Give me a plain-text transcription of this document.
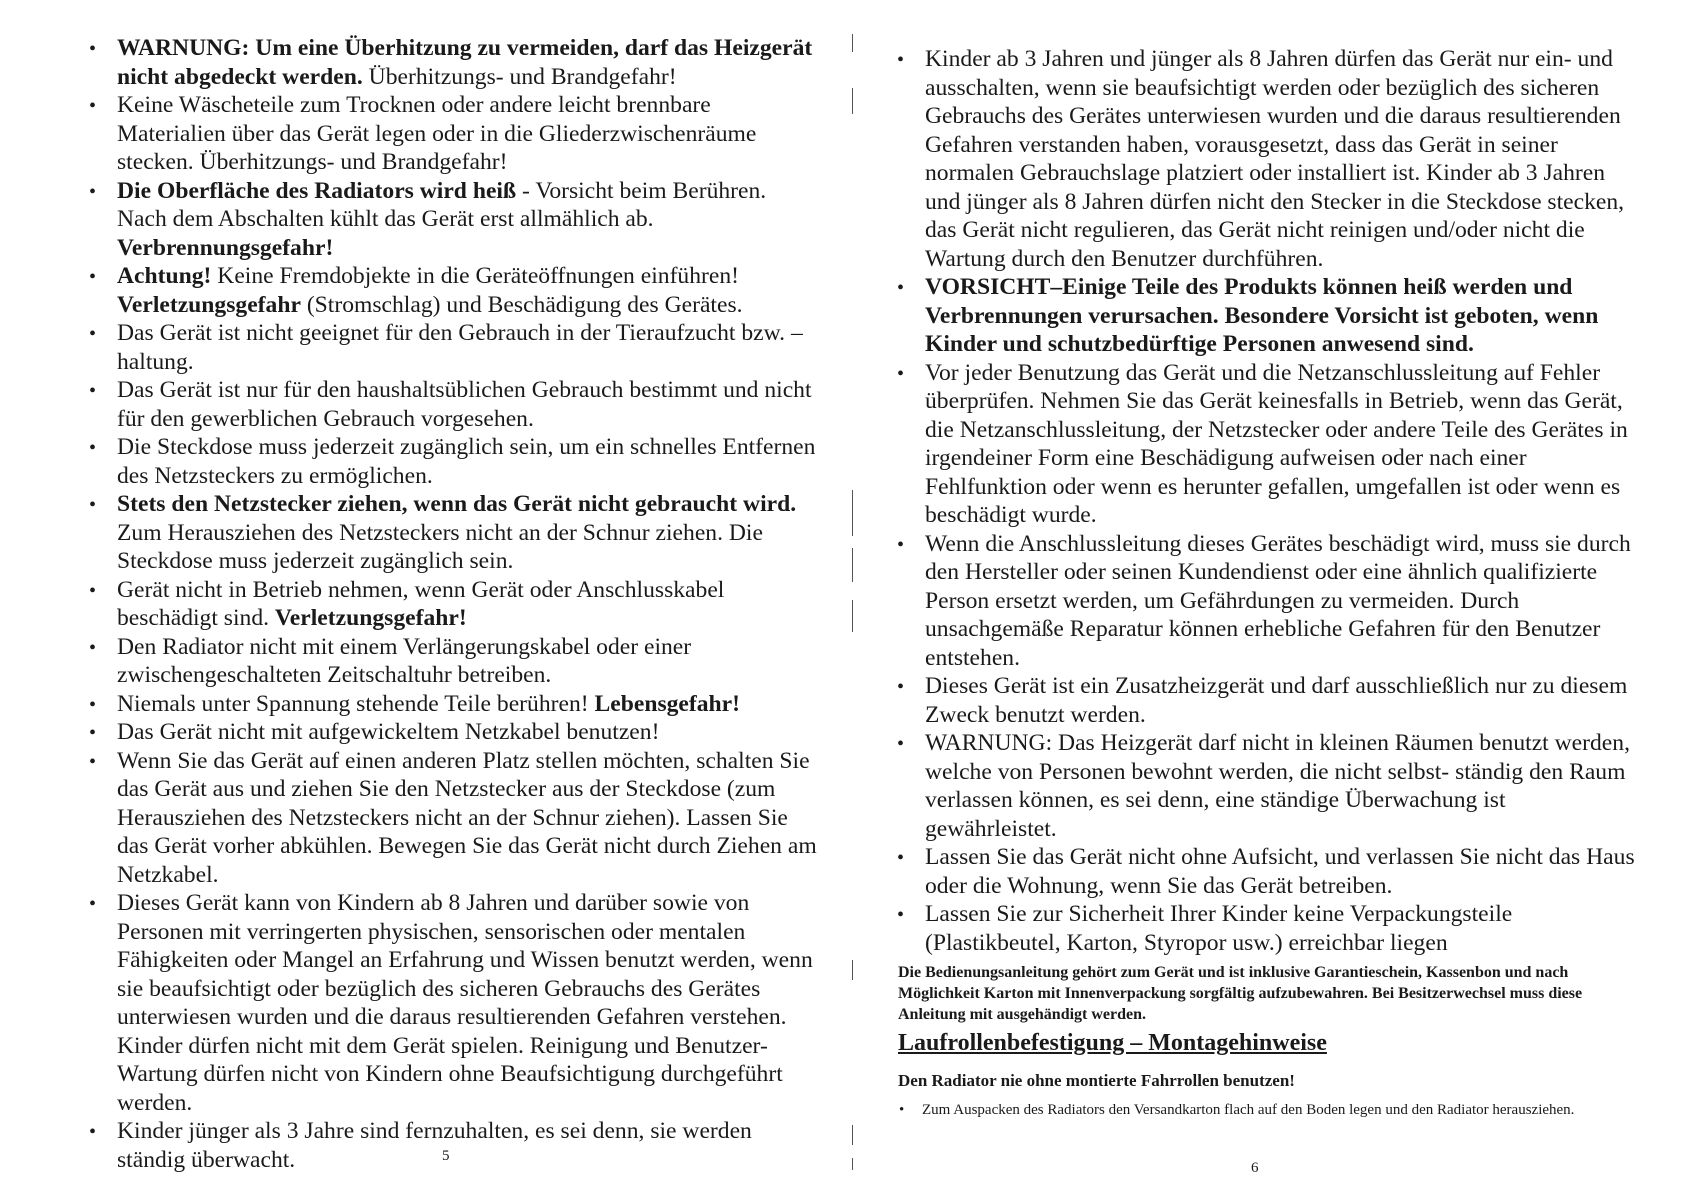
• WARNUNG: Um eine Überhitzung zu vermeiden, darf das Heizgerät nicht abgedeckt werden. Überhitzungs- und Brandgefahr!
• Keine Wäscheteile zum Trocknen oder andere leicht brennbare Materialien über das Gerät legen oder in die Gliederzwischenräume stecken. Überhitzungs- und Brandgefahr!
• Die Oberfläche des Radiators wird heiß - Vorsicht beim Berühren. Nach dem Abschalten kühlt das Gerät erst allmählich ab. Verbrennungsgefahr!
• Achtung! Keine Fremdobjekte in die Geräteöffnungen einführen! Verletzungsgefahr (Stromschlag) und Beschädigung des Gerätes.
• Das Gerät ist nicht geeignet für den Gebrauch in der Tieraufzucht bzw. –haltung.
• Das Gerät ist nur für den haushaltsüblichen Gebrauch bestimmt und nicht für den gewerblichen Gebrauch vorgesehen.
• Die Steckdose muss jederzeit zugänglich sein, um ein schnelles Entfernen des Netzsteckers zu ermöglichen.
• Stets den Netzstecker ziehen, wenn das Gerät nicht gebraucht wird. Zum Herausziehen des Netzsteckers nicht an der Schnur ziehen. Die Steckdose muss jederzeit zugänglich sein.
• Gerät nicht in Betrieb nehmen, wenn Gerät oder Anschlusskabel beschädigt sind. Verletzungsgefahr!
• Den Radiator nicht mit einem Verlängerungskabel oder einer zwischengeschalteten Zeitschaltuhr betreiben.
• Niemals unter Spannung stehende Teile berühren! Lebensgefahr!
• Das Gerät nicht mit aufgewickeltem Netzkabel benutzen!
• Wenn Sie das Gerät auf einen anderen Platz stellen möchten, schalten Sie das Gerät aus und ziehen Sie den Netzstecker aus der Steckdose (zum Herausziehen des Netzsteckers nicht an der Schnur ziehen). Lassen Sie das Gerät vorher abkühlen. Bewegen Sie das Gerät nicht durch Ziehen am Netzkabel.
• Dieses Gerät kann von Kindern ab 8 Jahren und darüber sowie von Personen mit verringerten physischen, sensorischen oder mentalen Fähigkeiten oder Mangel an Erfahrung und Wissen benutzt werden, wenn sie beaufsichtigt oder bezüglich des sicheren Gebrauchs des Gerätes unterwiesen wurden und die daraus resultierenden Gefahren verstehen. Kinder dürfen nicht mit dem Gerät spielen. Reinigung und Benutzer-Wartung dürfen nicht von Kindern ohne Beaufsichtigung durchgeführt werden.
• Kinder jünger als 3 Jahre sind fernzuhalten, es sei denn, sie werden ständig überwacht.	5
• Kinder ab 3 Jahren und jünger als 8 Jahren dürfen das Gerät nur ein- und ausschalten, wenn sie beaufsichtigt werden oder bezüglich des sicheren Gebrauchs des Gerätes unterwiesen wurden und die daraus resultierenden Gefahren verstanden haben, vorausgesetzt, dass das Gerät in seiner normalen Gebrauchslage platziert oder installiert ist. Kinder ab 3 Jahren und jünger als 8 Jahren dürfen nicht den Stecker in die Steckdose stecken, das Gerät nicht regulieren, das Gerät nicht reinigen und/oder nicht die Wartung durch den Benutzer durchführen.
• VORSICHT–Einige Teile des Produkts können heiß werden und Verbrennungen verursachen. Besondere Vorsicht ist geboten, wenn Kinder und schutzbedürftige Personen anwesend sind.
• Vor jeder Benutzung das Gerät und die Netzanschlussleitung auf Fehler überprüfen. Nehmen Sie das Gerät keinesfalls in Betrieb, wenn das Gerät, die Netzanschlussleitung, der Netzstecker oder andere Teile des Gerätes in irgendeiner Form eine Beschädigung aufweisen oder nach einer Fehlfunktion oder wenn es herunter gefallen, umgefallen ist oder wenn es beschädigt wurde.
• Wenn die Anschlussleitung dieses Gerätes beschädigt wird, muss sie durch den Hersteller oder seinen Kundendienst oder eine ähnlich qualifizierte Person ersetzt werden, um Gefährdungen zu vermeiden. Durch unsachgemäße Reparatur können erhebliche Gefahren für den Benutzer entstehen.
• Dieses Gerät ist ein Zusatzheizgerät und darf ausschließlich nur zu diesem Zweck benutzt werden.
• WARNUNG: Das Heizgerät darf nicht in kleinen Räumen benutzt werden, welche von Personen bewohnt werden, die nicht selbst- ständig den Raum verlassen können, es sei denn, eine ständige Überwachung ist gewährleistet.
• Lassen Sie das Gerät nicht ohne Aufsicht, und verlassen Sie nicht das Haus oder die Wohnung, wenn Sie das Gerät betreiben.
• Lassen Sie zur Sicherheit Ihrer Kinder keine Verpackungsteile (Plastikbeutel, Karton, Styropor usw.) erreichbar liegen
Die Bedienungsanleitung gehört zum Gerät und ist inklusive Garantieschein, Kassenbon und nach Möglichkeit Karton mit Innenverpackung sorgfältig aufzubewahren. Bei Besitzerwechsel muss diese Anleitung mit ausgehändigt werden.
Laufrollenbefestigung – Montagehinweise
Den Radiator nie ohne montierte Fahrrollen benutzen!
• Zum Auspacken des Radiators den Versandkarton flach auf den Boden legen und den Radiator herausziehen.
6
